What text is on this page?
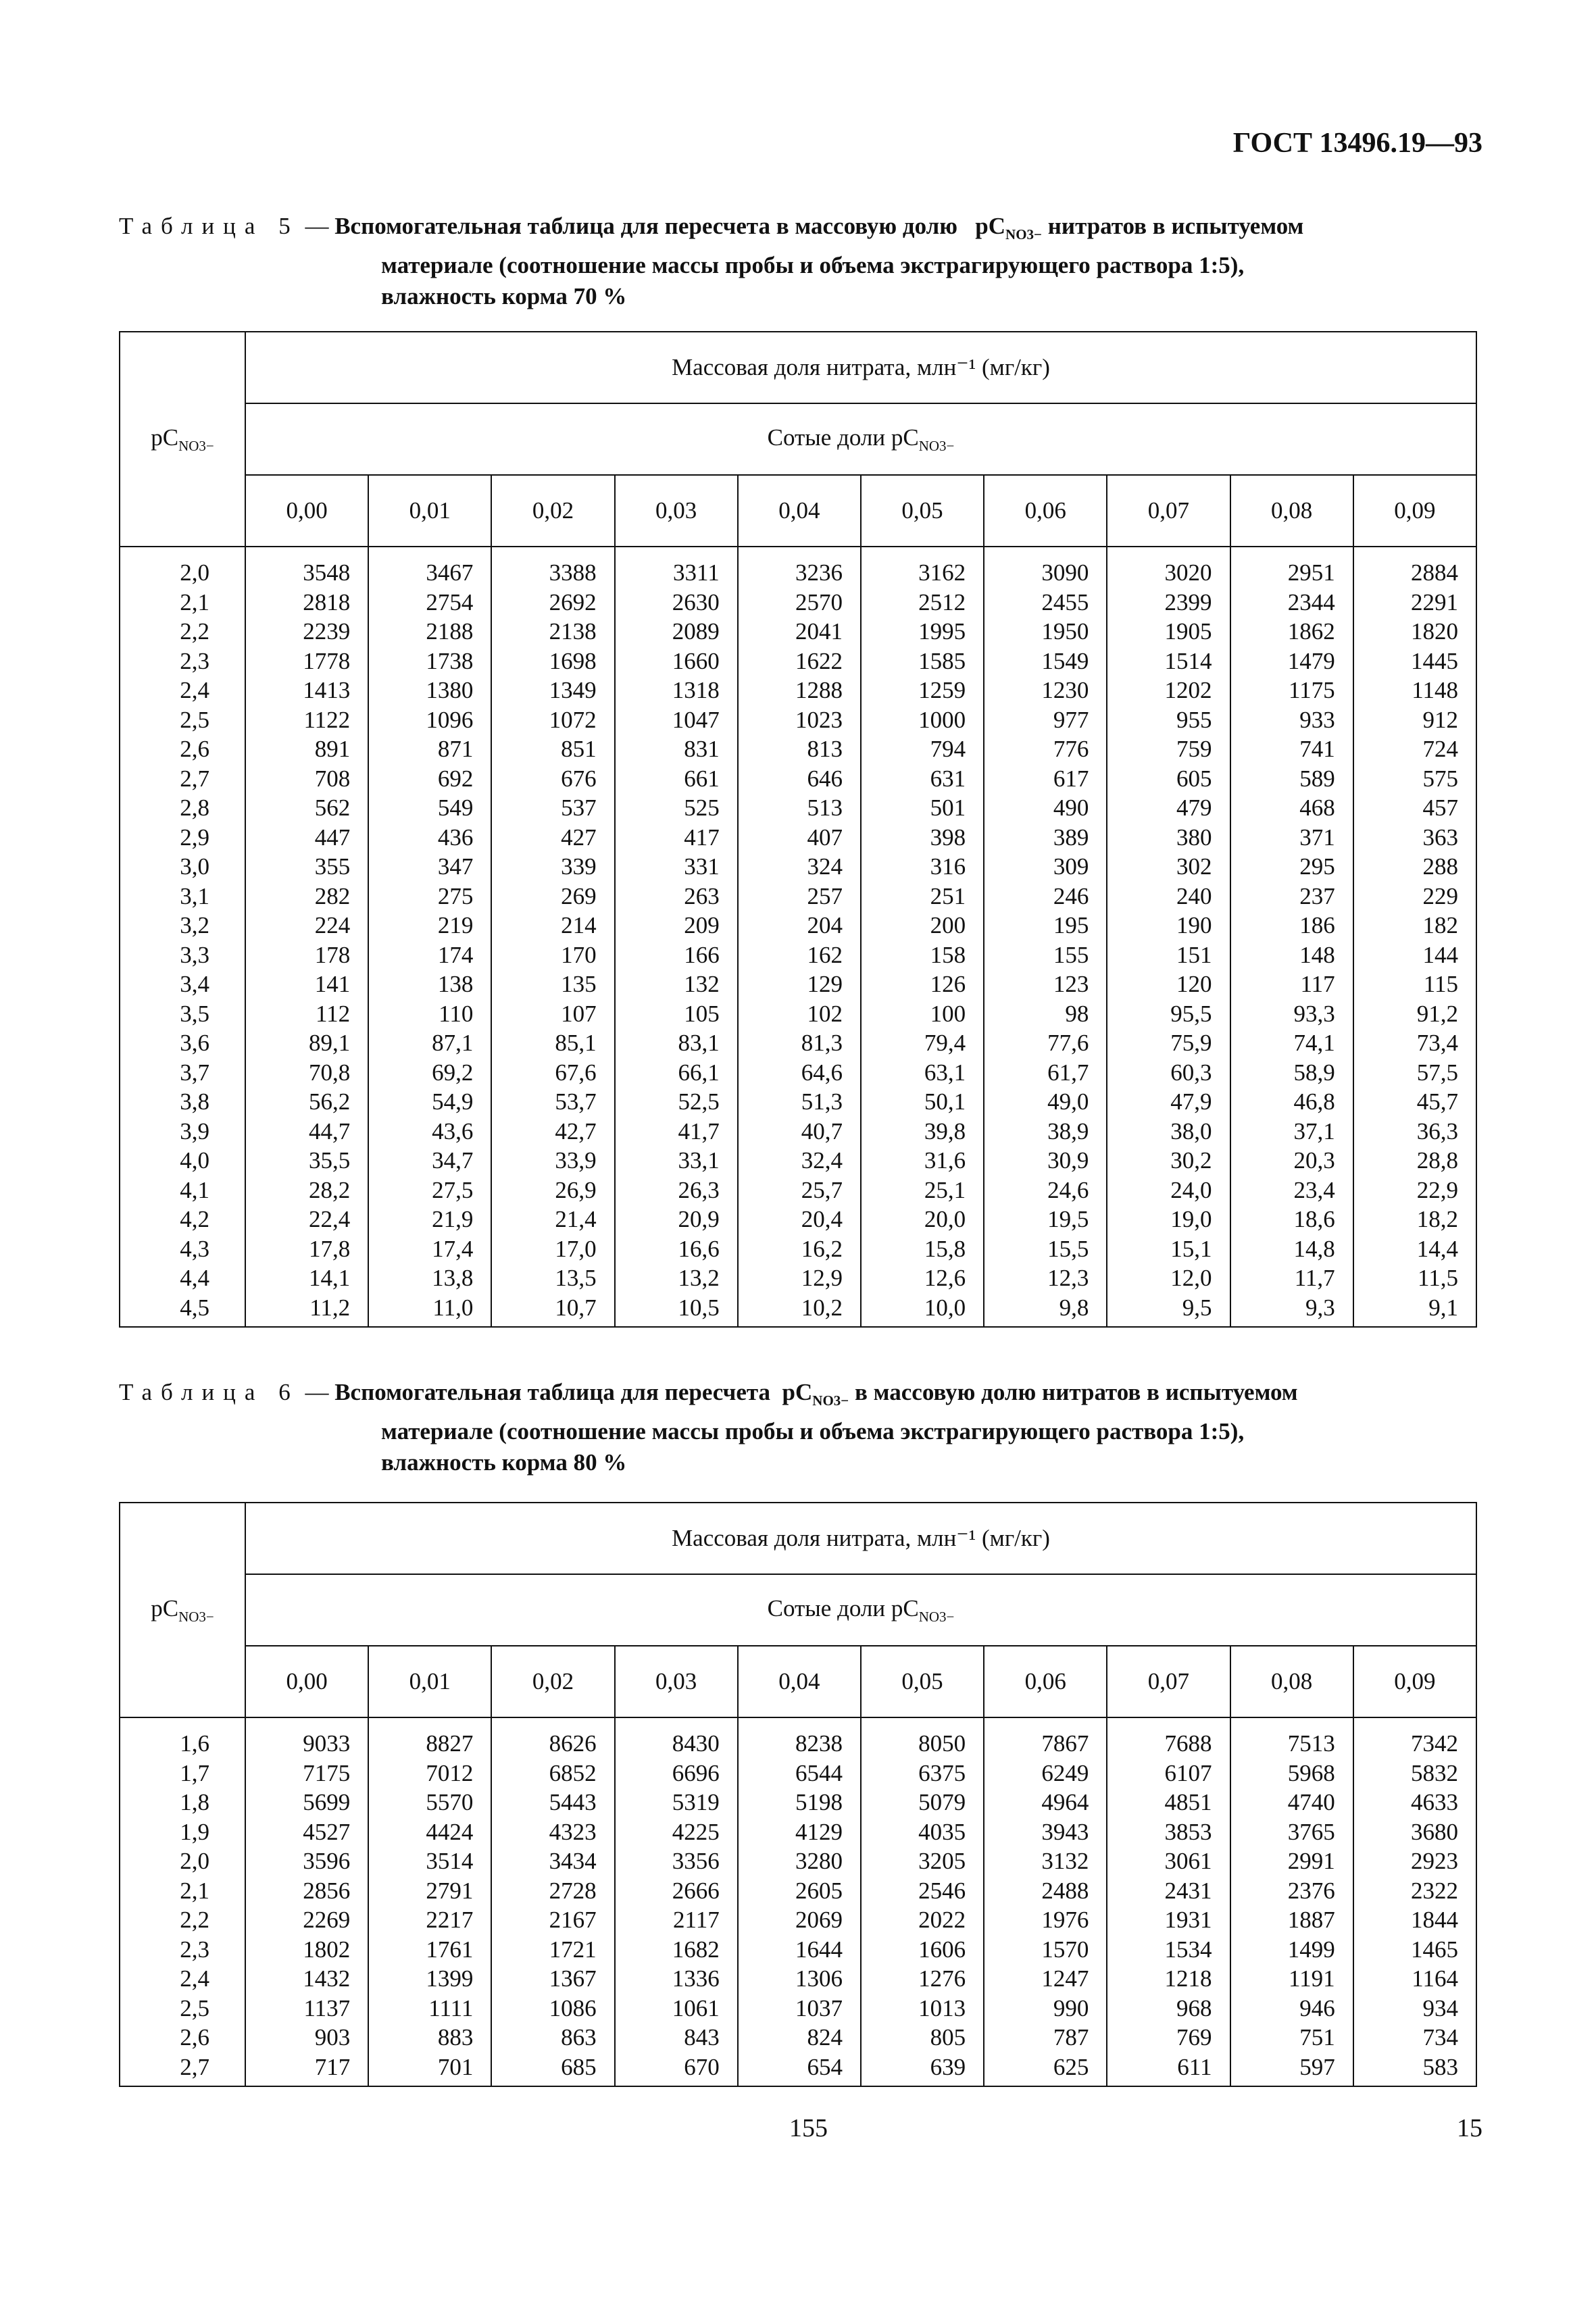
ГОСТ 13496.19—93
Таблица 5 — Вспомогательная таблица для пересчета в массовую долю $pC_{NO3-}$ нитратов в испытуемом
материале (соотношение массы пробы и объема экстрагирующего раствора 1:5),
влажность корма 70 %
$pC_{NO3-}$	Массовая доля нитрата, млн⁻¹ (мг/кг)									
	Сотые доли $pC_{NO3-}$
	0,00	0,01	0,02	0,03	0,04	0,05	0,06	0,07	0,08	0,09
2,0	3548	3467	3388	3311	3236	3162	3090	3020	2951	2884
2,1	2818	2754	2692	2630	2570	2512	2455	2399	2344	2291
2,2	2239	2188	2138	2089	2041	1995	1950	1905	1862	1820
2,3	1778	1738	1698	1660	1622	1585	1549	1514	1479	1445
2,4	1413	1380	1349	1318	1288	1259	1230	1202	1175	1148
2,5	1122	1096	1072	1047	1023	1000	977	955	933	912
2,6	891	871	851	831	813	794	776	759	741	724
2,7	708	692	676	661	646	631	617	605	589	575
2,8	562	549	537	525	513	501	490	479	468	457
2,9	447	436	427	417	407	398	389	380	371	363
3,0	355	347	339	331	324	316	309	302	295	288
3,1	282	275	269	263	257	251	246	240	237	229
3,2	224	219	214	209	204	200	195	190	186	182
3,3	178	174	170	166	162	158	155	151	148	144
3,4	141	138	135	132	129	126	123	120	117	115
3,5	112	110	107	105	102	100	98	95,5	93,3	91,2
3,6	89,1	87,1	85,1	83,1	81,3	79,4	77,6	75,9	74,1	73,4
3,7	70,8	69,2	67,6	66,1	64,6	63,1	61,7	60,3	58,9	57,5
3,8	56,2	54,9	53,7	52,5	51,3	50,1	49,0	47,9	46,8	45,7
3,9	44,7	43,6	42,7	41,7	40,7	39,8	38,9	38,0	37,1	36,3
4,0	35,5	34,7	33,9	33,1	32,4	31,6	30,9	30,2	20,3	28,8
4,1	28,2	27,5	26,9	26,3	25,7	25,1	24,6	24,0	23,4	22,9
4,2	22,4	21,9	21,4	20,9	20,4	20,0	19,5	19,0	18,6	18,2
4,3	17,8	17,4	17,0	16,6	16,2	15,8	15,5	15,1	14,8	14,4
4,4	14,1	13,8	13,5	13,2	12,9	12,6	12,3	12,0	11,7	11,5
4,5	11,2	11,0	10,7	10,5	10,2	10,0	9,8	9,5	9,3	9,1
Таблица 6 — Вспомогательная таблица для пересчета $pC_{NO3-}$ в массовую долю нитратов в испытуемом
материале (соотношение массы пробы и объема экстрагирующего раствора 1:5),
влажность корма 80 %
$pC_{NO3-}$	Массовая доля нитрата, млн⁻¹ (мг/кг)									
	Сотые доли $pC_{NO3-}$
	0,00	0,01	0,02	0,03	0,04	0,05	0,06	0,07	0,08	0,09
1,6	9033	8827	8626	8430	8238	8050	7867	7688	7513	7342
1,7	7175	7012	6852	6696	6544	6375	6249	6107	5968	5832
1,8	5699	5570	5443	5319	5198	5079	4964	4851	4740	4633
1,9	4527	4424	4323	4225	4129	4035	3943	3853	3765	3680
2,0	3596	3514	3434	3356	3280	3205	3132	3061	2991	2923
2,1	2856	2791	2728	2666	2605	2546	2488	2431	2376	2322
2,2	2269	2217	2167	2117	2069	2022	1976	1931	1887	1844
2,3	1802	1761	1721	1682	1644	1606	1570	1534	1499	1465
2,4	1432	1399	1367	1336	1306	1276	1247	1218	1191	1164
2,5	1137	1111	1086	1061	1037	1013	990	968	946	934
2,6	903	883	863	843	824	805	787	769	751	734
2,7	717	701	685	670	654	639	625	611	597	583
155	15
